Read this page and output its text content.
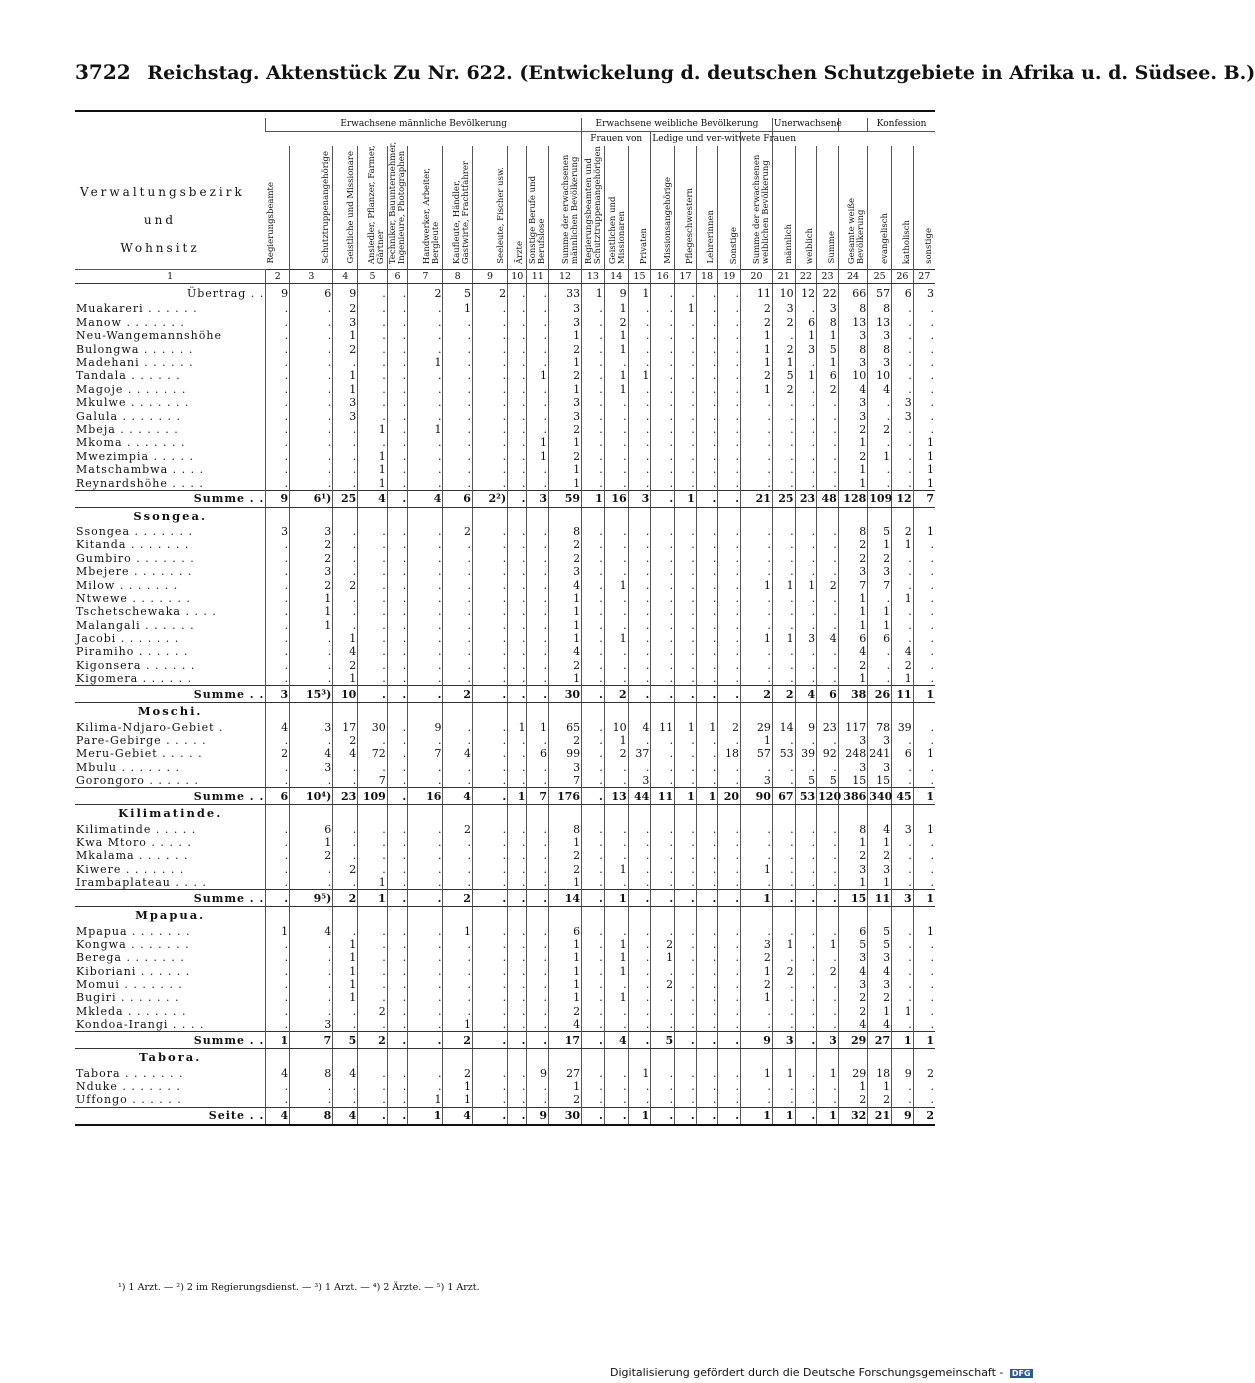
3722 Reichstag. Aktenstück Zu Nr. 622. (Entwickelung d. deutschen Schutzgebiete in Afrika u. d. Südsee. B.)
	Erwachsene männliche Bevölkerung											Erwachsene weibliche Bevölkerung								Unerwachsene				Konfession		
												Frauen von			Ledige und ver-witwete Frauen											
	Regierungsbeamte	Schutztruppenangehörige	Geistliche und Missionare	Ansiedler, Pflanzer, Farmer, Gärtner	Techniker, Bauunternehmer, Ingenieure, Photographen	Handwerker, Arbeiter, Bergleute	Kaufleute, Händler, Gastwirte, Frachtfahrer	Seeleute, Fischer usw.	Ärzte	Sonstige Berufe und Berufslose	Summe der erwachsenen männlichen Bevölkerung	Regierungsbeamten und Schutztruppenangehörigen	Geistlichen und Missionaren	Privaten	Missionsangehörige	Pflegeschwestern	Lehrerinnen	Sonstige	Summe der erwachsenen weiblichen Bevölkerung	männlich	weiblich	Summe	Gesamte weiße Bevölkerung	evangelisch	katholisch	sonstige
1	2	3	4	5	6	7	8	9	10	11	12	13	14	15	16	17	18	19	20	21	22	23	24	25	26	27
Übertrag . .	9	6	9	.	.	2	5	2	.	.	33	1	9	1	.	.	.	.	11	10	12	22	66	57	6	3
Muakareri . . . . . .	.	.	2	.	.	.	1	.	.	.	3	.	1	.	.	1	.	.	2	3	.	3	8	8	.	.
Manow . . . . . . .	.	.	3	.	.	.	.	.	.	.	3	.	2	.	.	.	.	.	2	2	6	8	13	13	.	.
Neu-Wangemannshöhe	.	.	1	.	.	.	.	.	.	.	1	.	1	.	.	.	.	.	1	.	1	1	3	3	.	.
Bulongwa . . . . . .	.	.	2	.	.	.	.	.	.	.	2	.	1	.	.	.	.	.	1	2	3	5	8	8	.	.
Madehani . . . . . .	.	.	.	.	.	1	.	.	.	.	1	.	.	.	.	.	.	.	1	1	.	1	3	3	.	.
Tandala . . . . . .	.	.	1	.	.	.	.	.	.	1	2	.	1	1	.	.	.	.	2	5	1	6	10	10	.	.
Magoje . . . . . . .	.	.	1	.	.	.	.	.	.	.	1	.	1	.	.	.	.	.	1	2	.	2	4	4	.	.
Mkulwe . . . . . . .	.	.	3	.	.	.	.	.	.	.	3	.	.	.	.	.	.	.	.	.	.	.	3	.	3	.
Galula . . . . . . .	.	.	3	.	.	.	.	.	.	.	3	.	.	.	.	.	.	.	.	.	.	.	3	.	3	.
Mbeja . . . . . . .	.	.	.	1	.	1	.	.	.	.	2	.	.	.	.	.	.	.	.	.	.	.	2	2	.	.
Mkoma . . . . . . .	.	.	.	.	.	.	.	.	.	1	1	.	.	.	.	.	.	.	.	.	.	.	1	.	.	1
Mwezimpia . . . . .	.	.	.	1	.	.	.	.	.	1	2	.	.	.	.	.	.	.	.	.	.	.	2	1	.	1
Matschambwa . . . .	.	.	.	1	.	.	.	.	.	.	1	.	.	.	.	.	.	.	.	.	.	.	1	.	.	1
Reynardshöhe . . . .	.	.	.	1	.	.	.	.	.	.	1	.	.	.	.	.	.	.	.	.	.	.	1	.	.	1
Summe . .	9	6¹)	25	4	.	4	6	2²)	.	3	59	1	16	3	.	1	.	.	21	25	23	48	128	109	12	7
Ssongea.																										
Ssongea . . . . . . .	3	3	.	.	.	.	2	.	.	.	8	.	.	.	.	.	.	.	.	.	.	.	8	5	2	1
Kitanda . . . . . . .	.	2	.	.	.	.	.	.	.	.	2	.	.	.	.	.	.	.	.	.	.	.	2	1	1	.
Gumbiro . . . . . . .	.	2	.	.	.	.	.	.	.	.	2	.	.	.	.	.	.	.	.	.	.	.	2	2	.	.
Mbejere . . . . . . .	.	3	.	.	.	.	.	.	.	.	3	.	.	.	.	.	.	.	.	.	.	.	3	3	.	.
Milow . . . . . . .	.	2	2	.	.	.	.	.	.	.	4	.	1	.	.	.	.	.	1	1	1	2	7	7	.	.
Ntwewe . . . . . . .	.	1	.	.	.	.	.	.	.	.	1	.	.	.	.	.	.	.	.	.	.	.	1	.	1	.
Tschetschewaka . . . .	.	1	.	.	.	.	.	.	.	.	1	.	.	.	.	.	.	.	.	.	.	.	1	1	.	.
Malangali . . . . . .	.	1	.	.	.	.	.	.	.	.	1	.	.	.	.	.	.	.	.	.	.	.	1	1	.	.
Jacobi . . . . . . .	.	.	1	.	.	.	.	.	.	.	1	.	1	.	.	.	.	.	1	1	3	4	6	6	.	.
Piramiho . . . . . .	.	.	4	.	.	.	.	.	.	.	4	.	.	.	.	.	.	.	.	.	.	.	4	.	4	.
Kigonsera . . . . . .	.	.	2	.	.	.	.	.	.	.	2	.	.	.	.	.	.	.	.	.	.	.	2	.	2	.
Kigomera . . . . . .	.	.	1	.	.	.	.	.	.	.	1	.	.	.	.	.	.	.	.	.	.	.	1	.	1	.
Summe . .	3	15³)	10	.	.	.	2	.	.	.	30	.	2	.	.	.	.	.	2	2	4	6	38	26	11	1
Moschi.																										
Kilima-Ndjaro-Gebiet .	4	3	17	30	.	9	.	.	1	1	65	.	10	4	11	1	1	2	29	14	9	23	117	78	39	.
Pare-Gebirge . . . . .	.	.	2	.	.	.	.	.	.	.	2	.	1	.	.	.	.	.	1	.	.	.	3	3	.	.
Meru-Gebiet . . . . .	2	4	4	72	.	7	4	.	.	6	99	.	2	37	.	.	.	18	57	53	39	92	248	241	6	1
Mbulu . . . . . . .	.	3	.	.	.	.	.	.	.	.	3	.	.	.	.	.	.	.	.	.	.	.	3	3	.	.
Gorongoro . . . . . .	.	.	.	7	.	.	.	.	.	.	7	.	.	3	.	.	.	.	3	.	5	5	15	15	.	.
Summe . .	6	10⁴)	23	109	.	16	4	.	1	7	176	.	13	44	11	1	1	20	90	67	53	120	386	340	45	1
Kilimatinde.																										
Kilimatinde . . . . .	.	6	.	.	.	.	2	.	.	.	8	.	.	.	.	.	.	.	.	.	.	.	8	4	3	1
Kwa Mtoro . . . . .	.	1	.	.	.	.	.	.	.	.	1	.	.	.	.	.	.	.	.	.	.	.	1	1	.	.
Mkalama . . . . . .	.	2	.	.	.	.	.	.	.	.	2	.	.	.	.	.	.	.	.	.	.	.	2	2	.	.
Kiwere . . . . . . .	.	.	2	.	.	.	.	.	.	.	2	.	1	.	.	.	.	.	1	.	.	.	3	3	.	.
Irambaplateau . . . .	.	.	.	1	.	.	.	.	.	.	1	.	.	.	.	.	.	.	.	.	.	.	1	1	.	.
Summe . .	.	9⁵)	2	1	.	.	2	.	.	.	14	.	1	.	.	.	.	.	1	.	.	.	15	11	3	1
Mpapua.																										
Mpapua . . . . . . .	1	4	.	.	.	.	1	.	.	.	6	.	.	.	.	.	.	.	.	.	.	.	6	5	.	1
Kongwa . . . . . . .	.	.	1	.	.	.	.	.	.	.	1	.	1	.	2	.	.	.	3	1	.	1	5	5	.	.
Berega . . . . . . .	.	.	1	.	.	.	.	.	.	.	1	.	1	.	1	.	.	.	2	.	.	.	3	3	.	.
Kiboriani . . . . . .	.	.	1	.	.	.	.	.	.	.	1	.	1	.	.	.	.	.	1	2	.	2	4	4	.	.
Momui . . . . . . .	.	.	1	.	.	.	.	.	.	.	1	.	.	.	2	.	.	.	2	.	.	.	3	3	.	.
Bugiri . . . . . . .	.	.	1	.	.	.	.	.	.	.	1	.	1	.	.	.	.	.	1	.	.	.	2	2	.	.
Mkleda . . . . . . .	.	.	.	2	.	.	.	.	.	.	2	.	.	.	.	.	.	.	.	.	.	.	2	1	1	.
Kondoa-Irangi . . . .	.	3	.	.	.	.	1	.	.	.	4	.	.	.	.	.	.	.	.	.	.	.	4	4	.	.
Summe . .	1	7	5	2	.	.	2	.	.	.	17	.	4	.	5	.	.	.	9	3	.	3	29	27	1	1
Tabora.																										
Tabora . . . . . . .	4	8	4	.	.	.	2	.	.	9	27	.	.	1	.	.	.	.	1	1	.	1	29	18	9	2
Nduke . . . . . . .	.	.	.	.	.	.	1	.	.	.	1	.	.	.	.	.	.	.	.	.	.	.	1	1	.	.
Uffongo . . . . . .	.	.	.	.	.	1	1	.	.	.	2	.	.	.	.	.	.	.	.	.	.	.	2	2	.	.
Seite . .	4	8	4	.	.	1	4	.	.	9	30	.	.	1	.	.	.	.	1	1	.	1	32	21	9	2
Verwaltungsbezirk
und
Wohnsitz
¹) 1 Arzt. — ²) 2 im Regierungsdienst. — ³) 1 Arzt. — ⁴) 2 Ärzte. — ⁵) 1 Arzt.
Digitalisierung gefördert durch die Deutsche Forschungsgemeinschaft - DFG
